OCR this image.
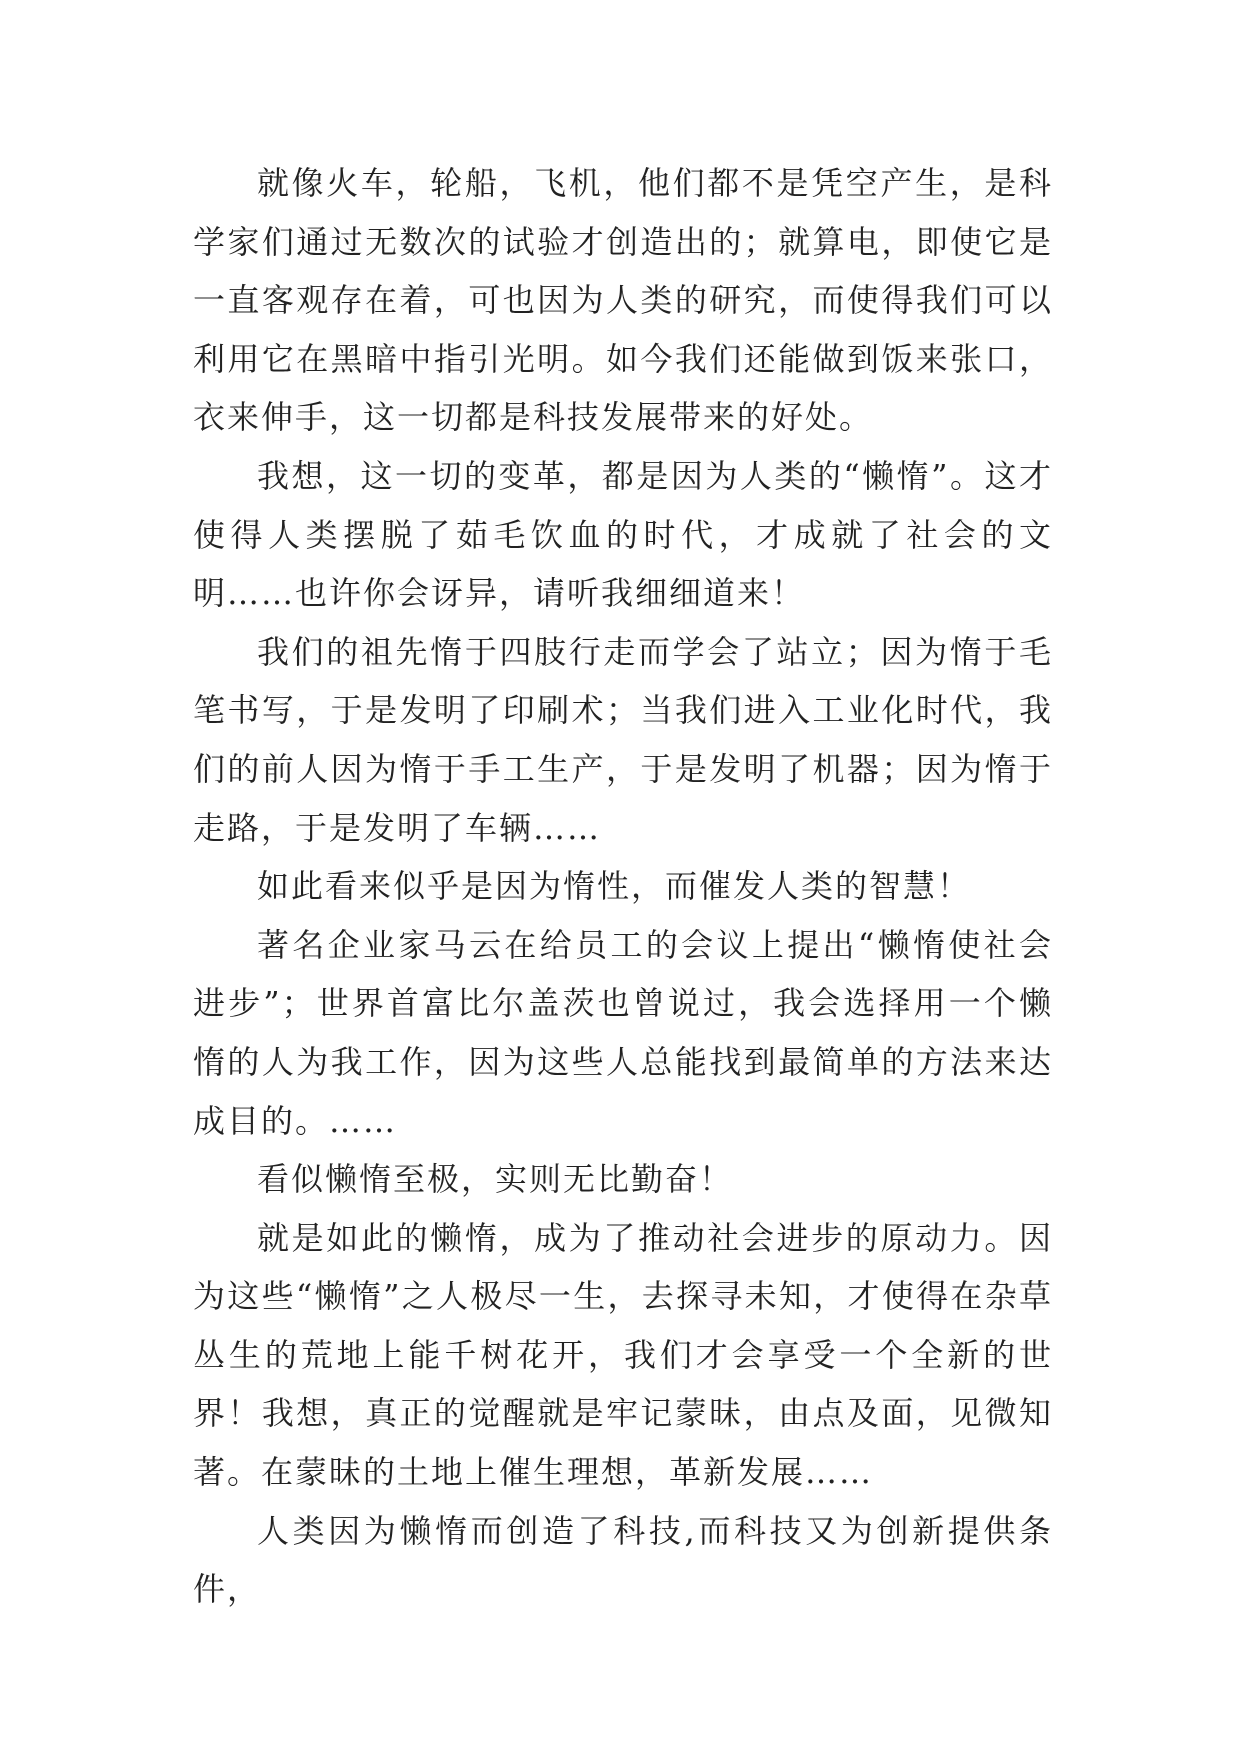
就像火车，轮船，飞机，他们都不是凭空产生，是科学家们通过无数次的试验才创造出的；就算电，即使它是一直客观存在着，可也因为人类的研究，而使得我们可以利用它在黑暗中指引光明。如今我们还能做到饭来张口，衣来伸手，这一切都是科技发展带来的好处。

我想，这一切的变革，都是因为人类的“懒惰”。这才使得人类摆脱了茹毛饮血的时代，才成就了社会的文明……也许你会讶异，请听我细细道来！

我们的祖先惰于四肢行走而学会了站立；因为惰于毛笔书写，于是发明了印刷术；当我们进入工业化时代，我们的前人因为惰于手工生产，于是发明了机器；因为惰于走路，于是发明了车辆……

如此看来似乎是因为惰性，而催发人类的智慧！

著名企业家马云在给员工的会议上提出“懒惰使社会进步”；世界首富比尔盖茨也曾说过，我会选择用一个懒惰的人为我工作，因为这些人总能找到最简单的方法来达成目的。……

看似懒惰至极，实则无比勤奋！

就是如此的懒惰，成为了推动社会进步的原动力。因为这些“懒惰”之人极尽一生，去探寻未知，才使得在杂草丛生的荒地上能千树花开，我们才会享受一个全新的世界！我想，真正的觉醒就是牢记蒙昧，由点及面，见微知著。在蒙昧的土地上催生理想，革新发展……

人类因为懒惰而创造了科技,而科技又为创新提供条件，
